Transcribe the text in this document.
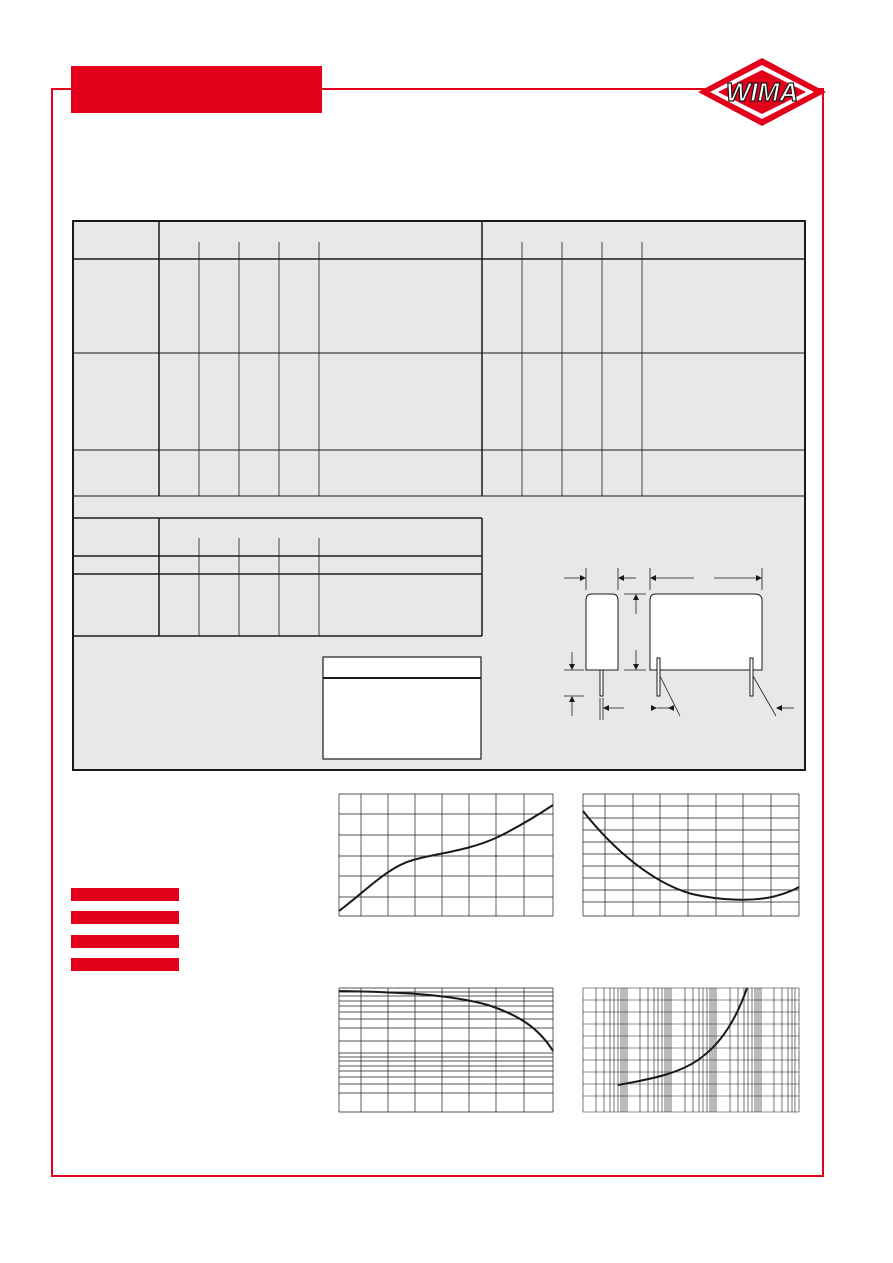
WIMA
